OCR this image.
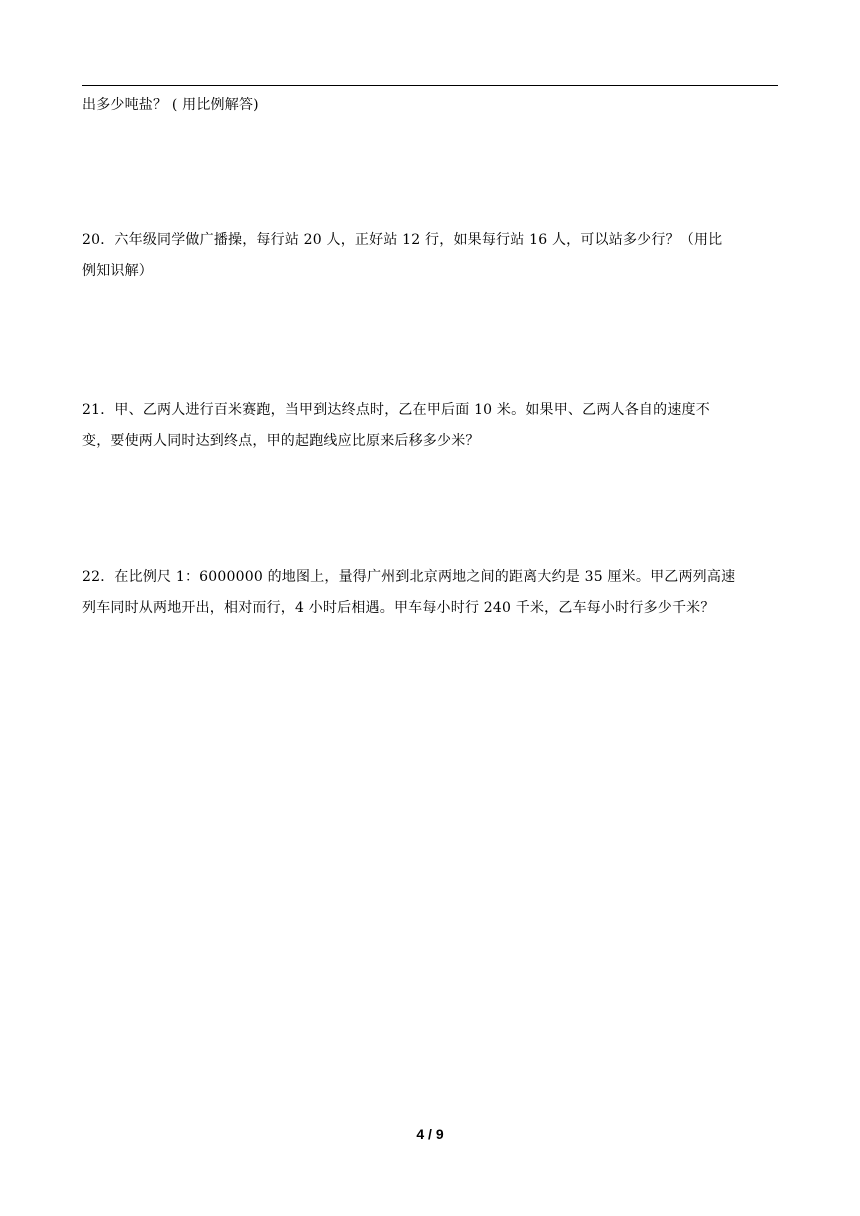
出多少吨盐？ ( 用比例解答)
20．六年级同学做广播操，每行站 20 人，正好站 12 行，如果每行站 16 人，可以站多少行？（用比
例知识解）
21．甲、乙两人进行百米赛跑，当甲到达终点时，乙在甲后面 10 米。如果甲、乙两人各自的速度不
变，要使两人同时达到终点，甲的起跑线应比原来后移多少米？
22．在比例尺 1：6000000 的地图上，量得广州到北京两地之间的距离大约是 35 厘米。甲乙两列高速
列车同时从两地开出，相对而行，4 小时后相遇。甲车每小时行 240 千米，乙车每小时行多少千米？
4 / 9
